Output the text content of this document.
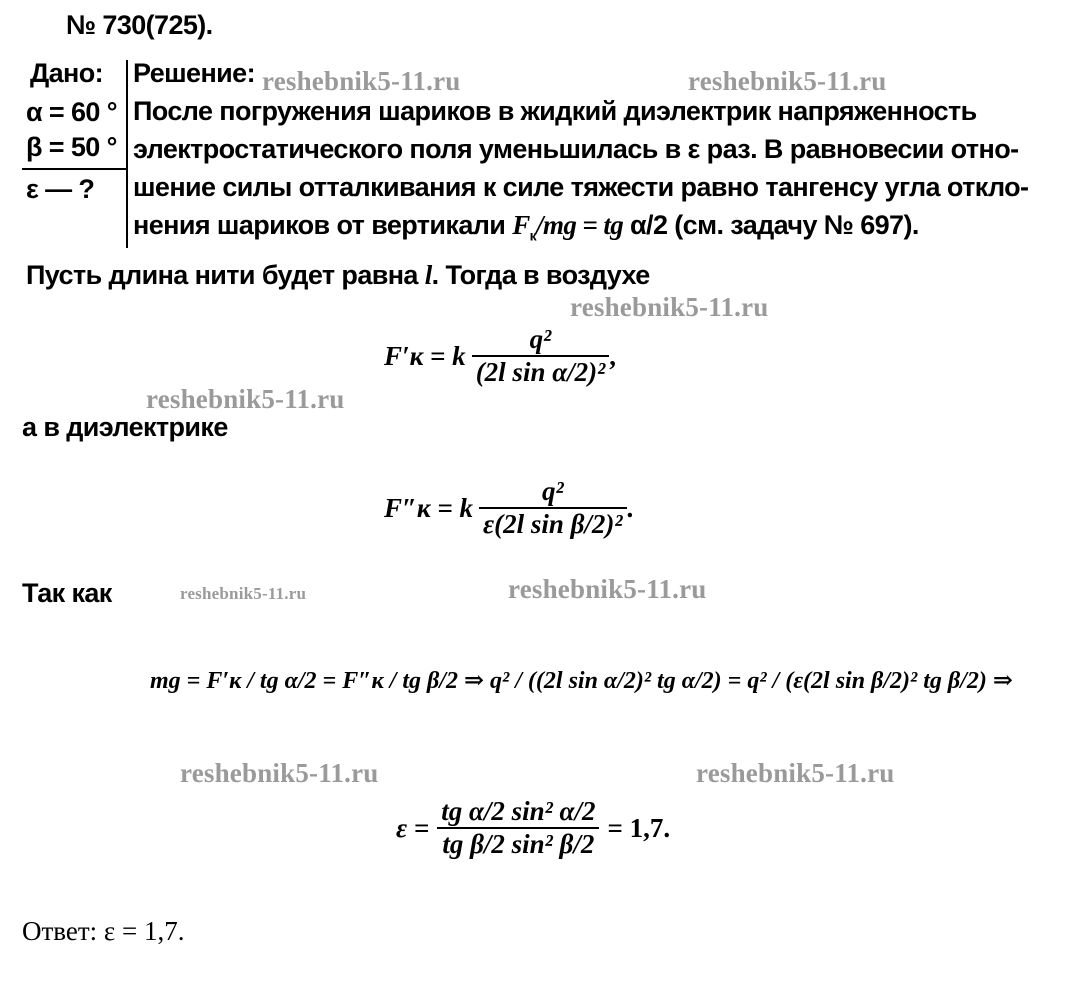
№ 730(725).
Дано:
α = 60 °
β = 50 °
ε — ?
Решение:
После погружения шариков в жидкий диэлектрик напряженность
электростатического поля уменьшилась в ε раз. В равновесии отно-
шение силы отталкивания к силе тяжести равно тангенсу угла откло-
нения шариков от вертикали $F_к/mg$ = tg α/2 (см. задачу № 697).
Пусть длина нити будет равна l. Тогда в воздухе
F′к = k $\frac{\text{q²}}{\text{(2l sin α/2)²}}$ ,
а в диэлектрике
F″к = k $\frac{\text{q²}}{\text{ε(2l sin β/2)²}}$ .
Так как
mg = F′к / tg α/2 = F″к / tg β/2 ⇒ q² / ((2l sin α/2)² tg α/2) = q² / (ε(2l sin β/2)² tg β/2) ⇒
$\varepsilon = \frac{\text{tg α/2 sin² α/2}}{\text{tg β/2 sin² β/2}} = 1,7$.
Ответ: ε = 1,7.
reshebnik5-11.ru	reshebnik5-11.ru
reshebnik5-11.ru
reshebnik5-11.ru
reshebnik5-11.ru	reshebnik5-11.ru
reshebnik5-11.ru	reshebnik5-11.ru
